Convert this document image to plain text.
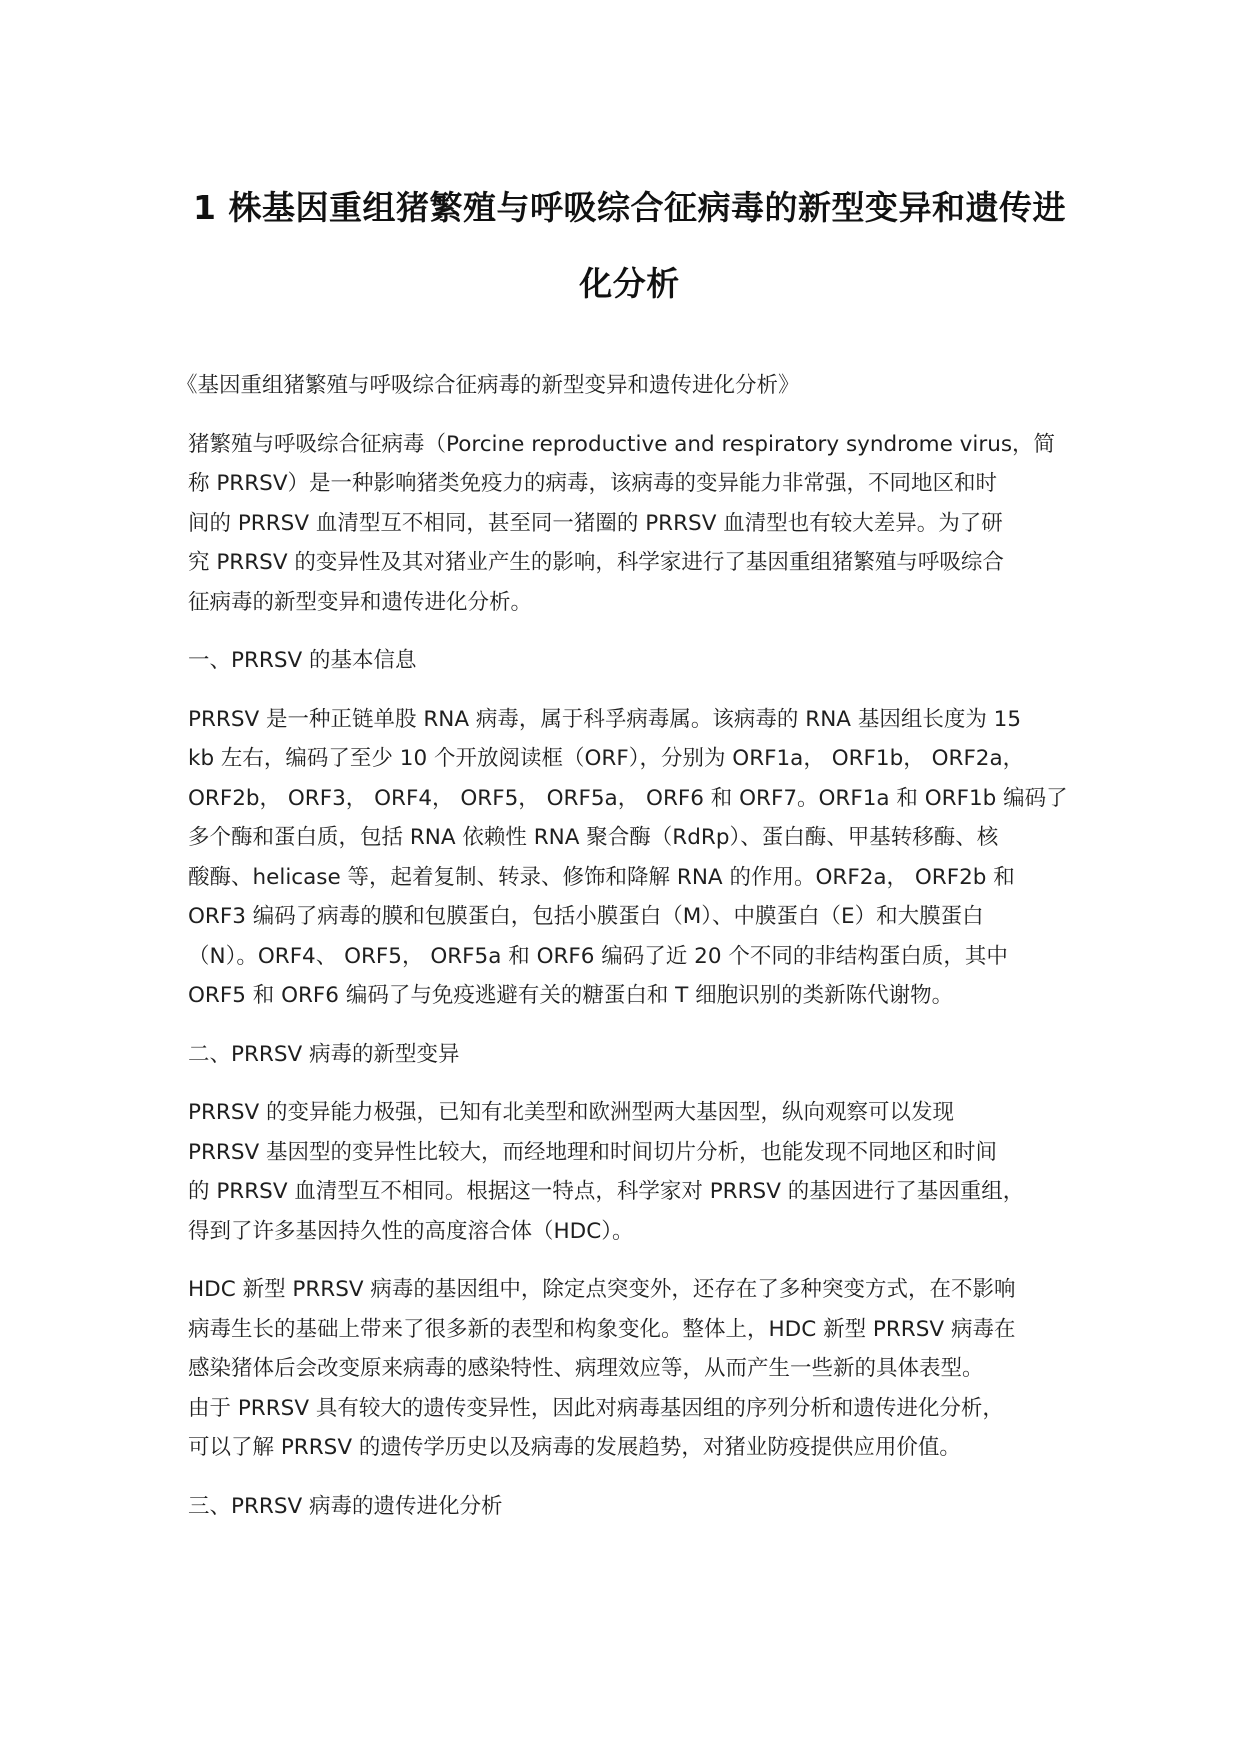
1 株基因重组猪繁殖与呼吸综合征病毒的新型变异和遗传进
化分析

《基因重组猪繁殖与呼吸综合征病毒的新型变异和遗传进化分析》

猪繁殖与呼吸综合征病毒（Porcine reproductive and respiratory syndrome virus，简
称 PRRSV）是一种影响猪类免疫力的病毒，该病毒的变异能力非常强，不同地区和时
间的 PRRSV 血清型互不相同，甚至同一猪圈的 PRRSV 血清型也有较大差异。为了研
究 PRRSV 的变异性及其对猪业产生的影响，科学家进行了基因重组猪繁殖与呼吸综合
征病毒的新型变异和遗传进化分析。

一、PRRSV 的基本信息

PRRSV 是一种正链单股 RNA 病毒，属于科孚病毒属。该病毒的 RNA 基因组长度为 15
kb 左右，编码了至少 10 个开放阅读框（ORF），分别为 ORF1a， ORF1b， ORF2a，
ORF2b， ORF3， ORF4， ORF5， ORF5a， ORF6 和 ORF7。ORF1a 和 ORF1b 编码了
多个酶和蛋白质，包括 RNA 依赖性 RNA 聚合酶（RdRp）、蛋白酶、甲基转移酶、核
酸酶、helicase 等，起着复制、转录、修饰和降解 RNA 的作用。ORF2a， ORF2b 和
ORF3 编码了病毒的膜和包膜蛋白，包括小膜蛋白（M）、中膜蛋白（E）和大膜蛋白
（N）。ORF4、 ORF5， ORF5a 和 ORF6 编码了近 20 个不同的非结构蛋白质，其中
ORF5 和 ORF6 编码了与免疫逃避有关的糖蛋白和 T 细胞识别的类新陈代谢物。

二、PRRSV 病毒的新型变异

PRRSV 的变异能力极强，已知有北美型和欧洲型两大基因型，纵向观察可以发现
PRRSV 基因型的变异性比较大，而经地理和时间切片分析，也能发现不同地区和时间
的 PRRSV 血清型互不相同。根据这一特点，科学家对 PRRSV 的基因进行了基因重组，
得到了许多基因持久性的高度溶合体（HDC）。

HDC 新型 PRRSV 病毒的基因组中，除定点突变外，还存在了多种突变方式，在不影响
病毒生长的基础上带来了很多新的表型和构象变化。整体上，HDC 新型 PRRSV 病毒在
感染猪体后会改变原来病毒的感染特性、病理效应等，从而产生一些新的具体表型。
由于 PRRSV 具有较大的遗传变异性，因此对病毒基因组的序列分析和遗传进化分析，
可以了解 PRRSV 的遗传学历史以及病毒的发展趋势，对猪业防疫提供应用价值。

三、PRRSV 病毒的遗传进化分析
